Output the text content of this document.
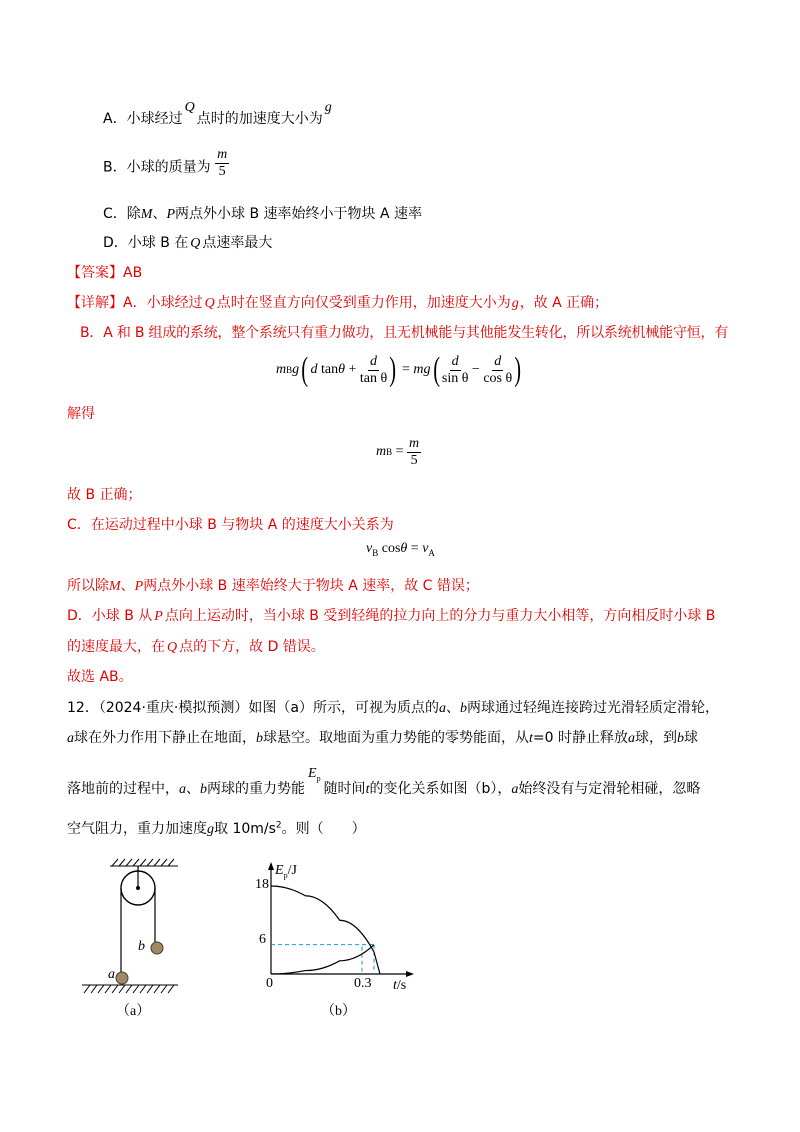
A．小球经过Q点时的加速度大小为g
B．小球的质量为 $\frac{m}{5}$
C．除M、P两点外小球 B 速率始终小于物块 A 速率
D．小球 B 在 Q 点速率最大
【答案】AB
【详解】A．小球经过 Q 点时在竖直方向仅受到重力作用，加速度大小为g，故 A 正确；
B．A 和 B 组成的系统，整个系统只有重力做功，且无机械能与其他能发生转化，所以系统机械能守恒，有
m B g ( d
tan θ
+
$\frac{d}{\text{tan θ}}$ )
=
mg ( $\frac{d}{\text{sin θ}}$
−
$\frac{d}{\text{cos θ}}$ )
解得
m B
=
$\frac{m}{5}$
故 B 正确；
C．在运动过程中小球 B 与物块 A 的速度大小关系为
$v_B$ $\cos\theta = v_A$
所以除M、P两点外小球 B 速率始终大于物块 A 速率，故 C 错误；
D．小球 B 从 P 点向上运动时，当小球 B 受到轻绳的拉力向上的分力与重力大小相等，方向相反时小球 B
的速度最大，在 Q 点的下方，故 D 错误。
故选 AB。
12．（2024·重庆·模拟预测）如图（a）所示，可视为质点的a、b两球通过轻绳连接跨过光滑轻质定滑轮，
a球在外力作用下静止在地面，b球悬空。取地面为重力势能的零势能面，从t=0 时静止释放a球，到b球
落地前的过程中，a、b两球的重力势能$E_p$随时间t的变化关系如图（b），a始终没有与定滑轮相碰，忽略
空气阻力，重力加速度g取 $10m/s^2$。则（　　）
b
a
（a）
$E_p/J$
t/s
18
6
0	0.3
（b）
